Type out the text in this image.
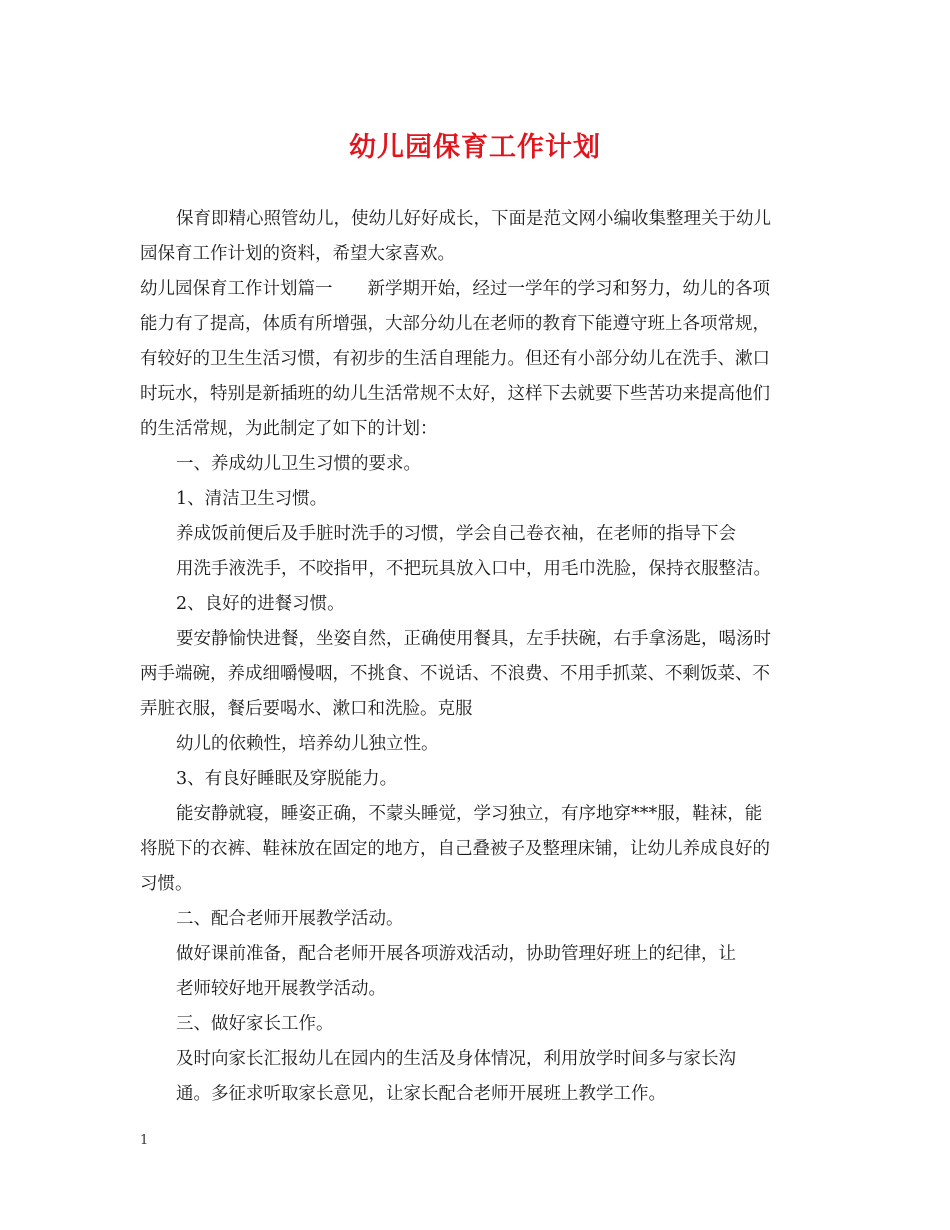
幼儿园保育工作计划
保育即精心照管幼儿，使幼儿好好成长，下面是范文网小编收集整理关于幼儿
园保育工作计划的资料，希望大家喜欢。
幼儿园保育工作计划篇一　　新学期开始，经过一学年的学习和努力，幼儿的各项
能力有了提高，体质有所增强，大部分幼儿在老师的教育下能遵守班上各项常规，
有较好的卫生生活习惯，有初步的生活自理能力。但还有小部分幼儿在洗手、漱口
时玩水，特别是新插班的幼儿生活常规不太好，这样下去就要下些苦功来提高他们
的生活常规，为此制定了如下的计划：
一、养成幼儿卫生习惯的要求。
1、清洁卫生习惯。
养成饭前便后及手脏时洗手的习惯，学会自己卷衣袖，在老师的指导下会
用洗手液洗手，不咬指甲，不把玩具放入口中，用毛巾洗脸，保持衣服整洁。
2、良好的进餐习惯。
要安静愉快进餐，坐姿自然，正确使用餐具，左手扶碗，右手拿汤匙，喝汤时
两手端碗，养成细嚼慢咽，不挑食、不说话、不浪费、不用手抓菜、不剩饭菜、不
弄脏衣服，餐后要喝水、漱口和洗脸。克服
幼儿的依赖性，培养幼儿独立性。
3、有良好睡眠及穿脱能力。
能安静就寝，睡姿正确，不蒙头睡觉，学习独立，有序地穿***服，鞋袜，能
将脱下的衣裤、鞋袜放在固定的地方，自己叠被子及整理床铺，让幼儿养成良好的
习惯。
二、配合老师开展教学活动。
做好课前准备，配合老师开展各项游戏活动，协助管理好班上的纪律，让
老师较好地开展教学活动。
三、做好家长工作。
及时向家长汇报幼儿在园内的生活及身体情况，利用放学时间多与家长沟
通。多征求听取家长意见，让家长配合老师开展班上教学工作。
1
